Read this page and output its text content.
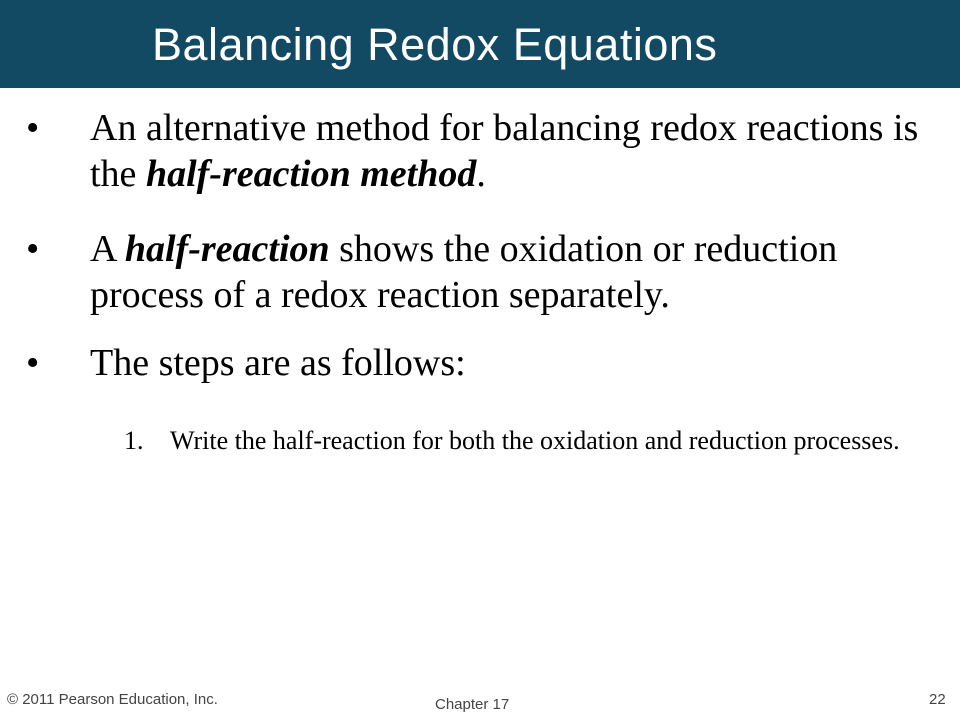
Balancing Redox Equations
• An alternative method for balancing redox reactions is the half-reaction method.
• A half-reaction shows the oxidation or reduction process of a redox reaction separately.
• The steps are as follows:
1. Write the half-reaction for both the oxidation and reduction processes.
© 2011 Pearson Education, Inc.	Chapter 17	22
